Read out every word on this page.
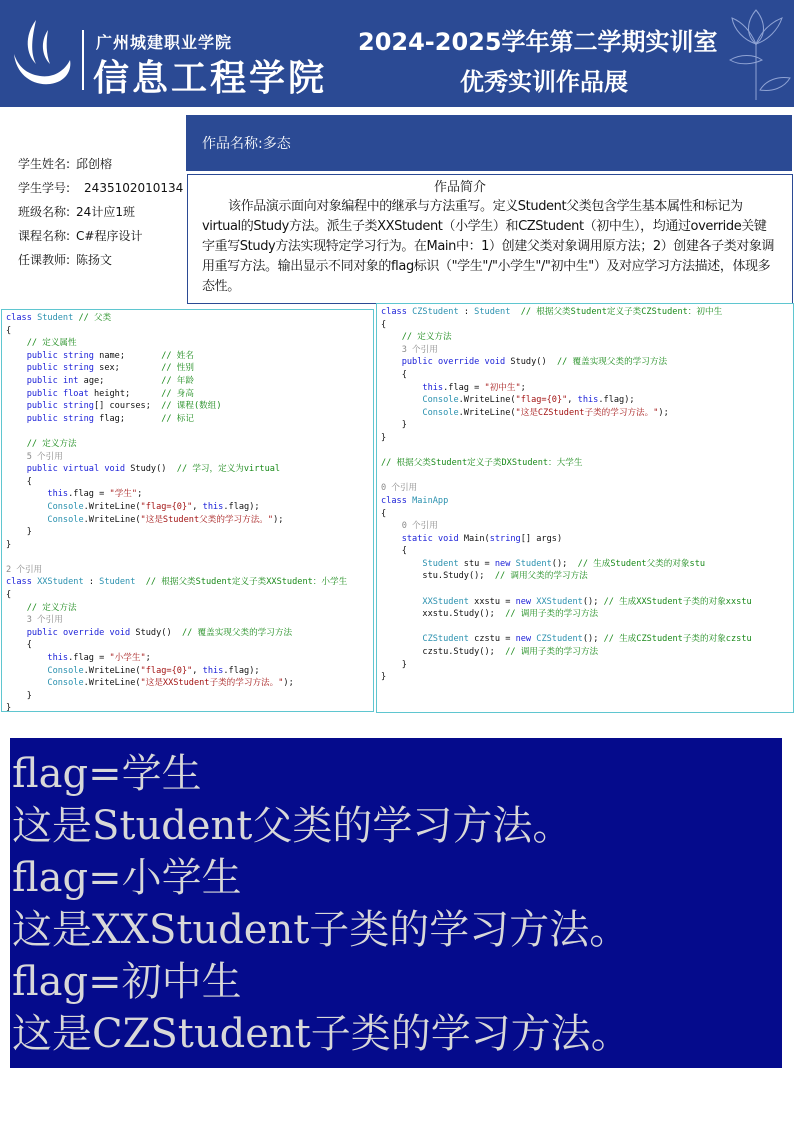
广州城建职业学院
信息工程学院
2024-2025学年第二学期实训室
优秀实训作品展
学生姓名: 邱创榕
学生学号: 2435102010134
班级名称: 24计应1班
课程名称: C#程序设计
任课教师: 陈扬文
作品名称:多态
作品简介
该作品演示面向对象编程中的继承与方法重写。定义Student父类包含学生基本属性和标记为virtual的Study方法。派生子类XXStudent（小学生）和CZStudent（初中生），均通过override关键字重写Study方法实现特定学习行为。在Main中：1）创建父类对象调用原方法；2）创建各子类对象调用重写方法。输出显示不同对象的flag标识（"学生"/"小学生"/"初中生"）及对应学习方法描述，体现多态性。
class Student // 父类
{
// 定义属性
public string name;       // 姓名
public string sex;        // 性别
public int age;           // 年龄
public float height;      // 身高
public string[] courses;  // 课程(数组)
public string flag;       // 标记

// 定义方法
5 个引用
public virtual void Study()  // 学习，定义为virtual
{
this.flag = "学生";
Console.WriteLine("flag={0}", this.flag);
Console.WriteLine("这是Student父类的学习方法。");
}
}

2 个引用
class XXStudent : Student // 根据父类Student定义子类XXStudent：小学生
{
// 定义方法
3 个引用
public override void Study()  // 覆盖实现父类的学习方法
{
this.flag = "小学生";
Console.WriteLine("flag={0}", this.flag);
Console.WriteLine("这是XXStudent子类的学习方法。");
}
}
class CZStudent : Student // 根据父类Student定义子类CZStudent：初中生
{
// 定义方法
3 个引用
public override void Study()  // 覆盖实现父类的学习方法
{
this.flag = "初中生";
Console.WriteLine("flag={0}", this.flag);
Console.WriteLine("这是CZStudent子类的学习方法。");
}
}

// 根据父类Student定义子类DXStudent：大学生

0 个引用
class MainApp
{
0 个引用
static void Main(string[] args)
{
Student stu = new Student();  // 生成Student父类的对象stu
stu.Study();  // 调用父类的学习方法

XXStudent xxstu = new XXStudent(); // 生成XXStudent子类的对象xxstu
xxstu.Study();  // 调用子类的学习方法

CZStudent czstu = new CZStudent(); // 生成CZStudent子类的对象czstu
czstu.Study();  // 调用子类的学习方法
}
}

flag=学生
这是Student父类的学习方法。
flag=小学生
这是XXStudent子类的学习方法。
flag=初中生
这是CZStudent子类的学习方法。
